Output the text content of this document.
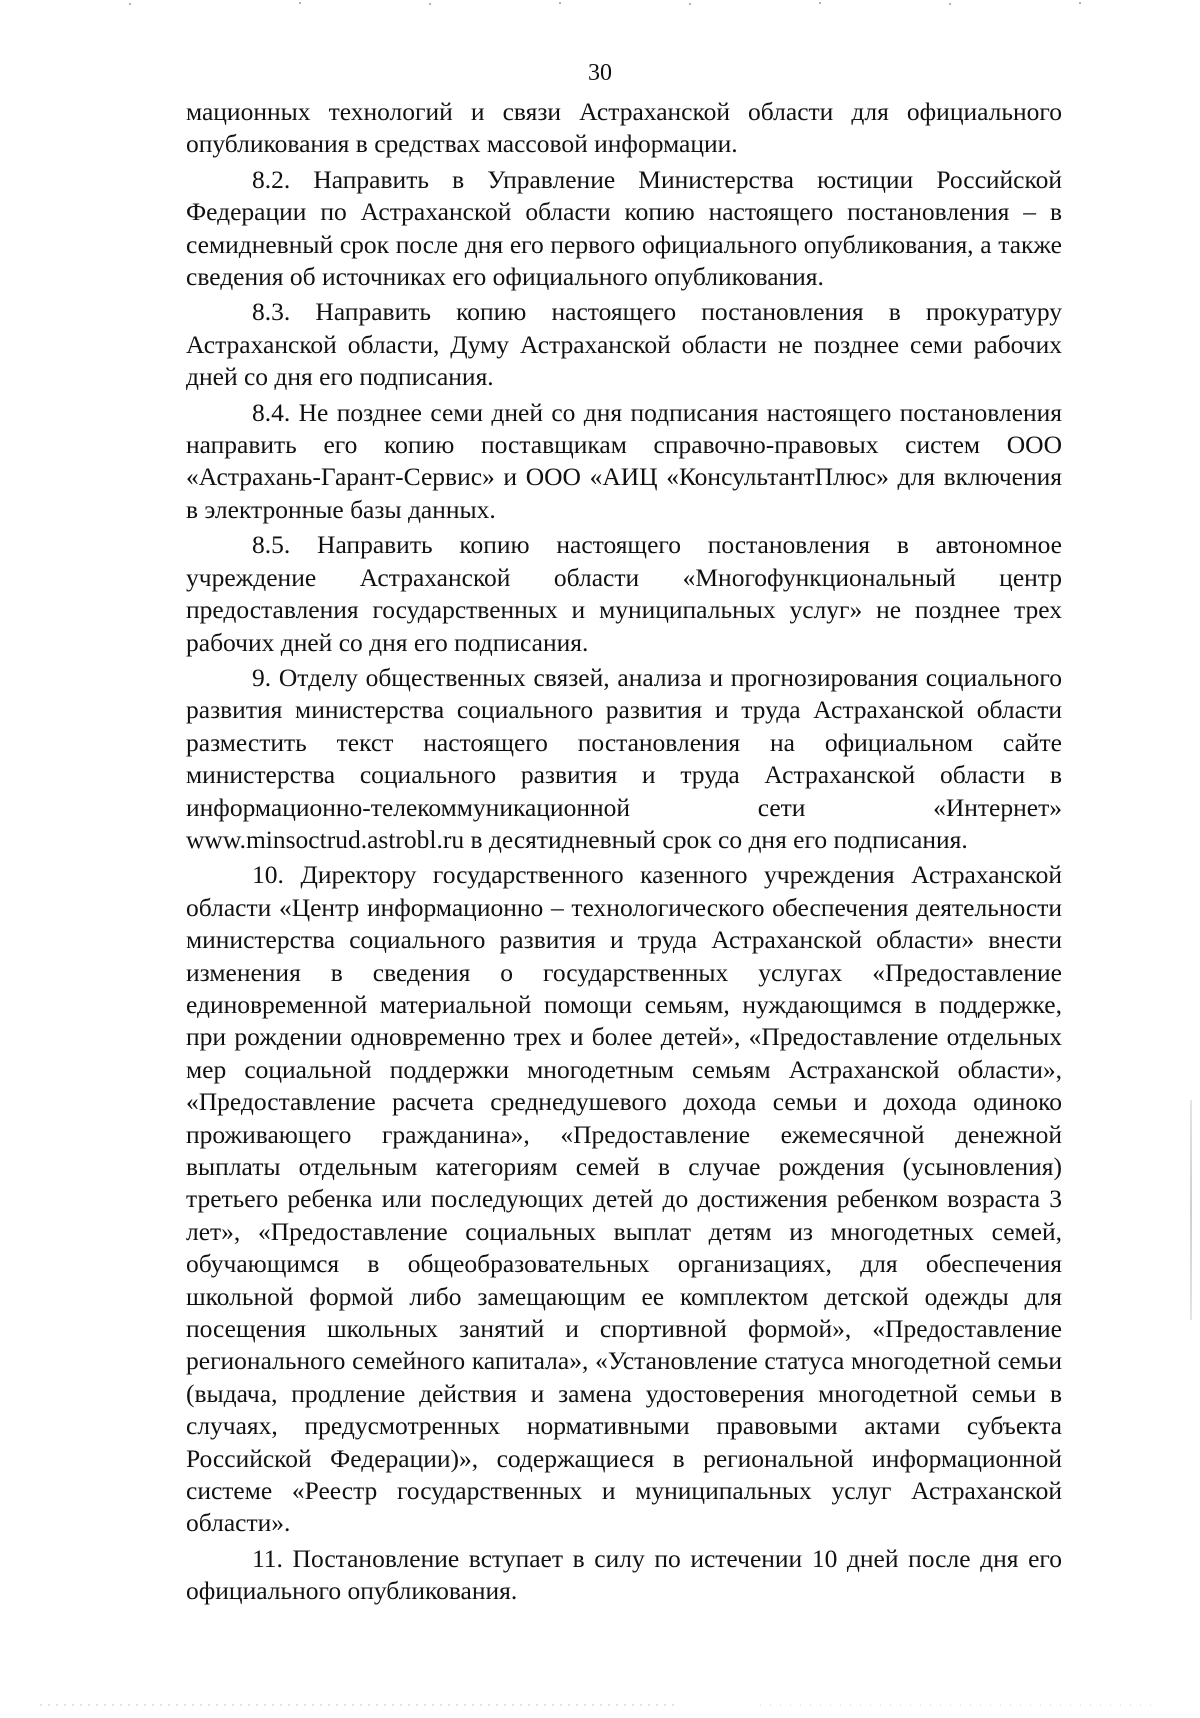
30

мационных технологий и связи Астраханской области для официального опубликования в средствах массовой информации.

8.2. Направить в Управление Министерства юстиции Российской Федерации по Астраханской области копию настоящего постановления – в семидневный срок после дня его первого официального опубликования, а также сведения об источниках его официального опубликования.

8.3. Направить копию настоящего постановления в прокуратуру Астраханской области, Думу Астраханской области не позднее семи рабочих дней со дня его подписания.

8.4. Не позднее семи дней со дня подписания настоящего постановления направить его копию поставщикам справочно-правовых систем ООО «Астрахань-Гарант-Сервис» и ООО «АИЦ «КонсультантПлюс» для включения в электронные базы данных.

8.5. Направить копию настоящего постановления в автономное учреждение Астраханской области «Многофункциональный центр предоставления государственных и муниципальных услуг» не позднее трех рабочих дней со дня его подписания.

9. Отделу общественных связей, анализа и прогнозирования социального развития министерства социального развития и труда Астраханской области разместить текст настоящего постановления на официальном сайте министерства социального развития и труда Астраханской области в информационно-телекоммуникационной сети «Интернет» www.minsoctrud.astrobl.ru в десятидневный срок со дня его подписания.

10. Директору государственного казенного учреждения Астраханской области «Центр информационно – технологического обеспечения деятельности министерства социального развития и труда Астраханской области» внести изменения в сведения о государственных услугах «Предоставление единовременной материальной помощи семьям, нуждающимся в поддержке, при рождении одновременно трех и более детей», «Предоставление отдельных мер социальной поддержки многодетным семьям Астраханской области», «Предоставление расчета среднедушевого дохода семьи и дохода одиноко проживающего гражданина», «Предоставление ежемесячной денежной выплаты отдельным категориям семей в случае рождения (усыновления) третьего ребенка или последующих детей до достижения ребенком возраста 3 лет», «Предоставление социальных выплат детям из многодетных семей, обучающимся в общеобразовательных организациях, для обеспечения школьной формой либо замещающим ее комплектом детской одежды для посещения школьных занятий и спортивной формой», «Предоставление регионального семейного капитала», «Установление статуса многодетной семьи (выдача, продление действия и замена удостоверения многодетной семьи в случаях, предусмотренных нормативными правовыми актами субъекта Российской Федерации)», содержащиеся в региональной информационной системе «Реестр государственных и муниципальных услуг Астраханской области».

11. Постановление вступает в силу по истечении 10 дней после дня его официального опубликования.
